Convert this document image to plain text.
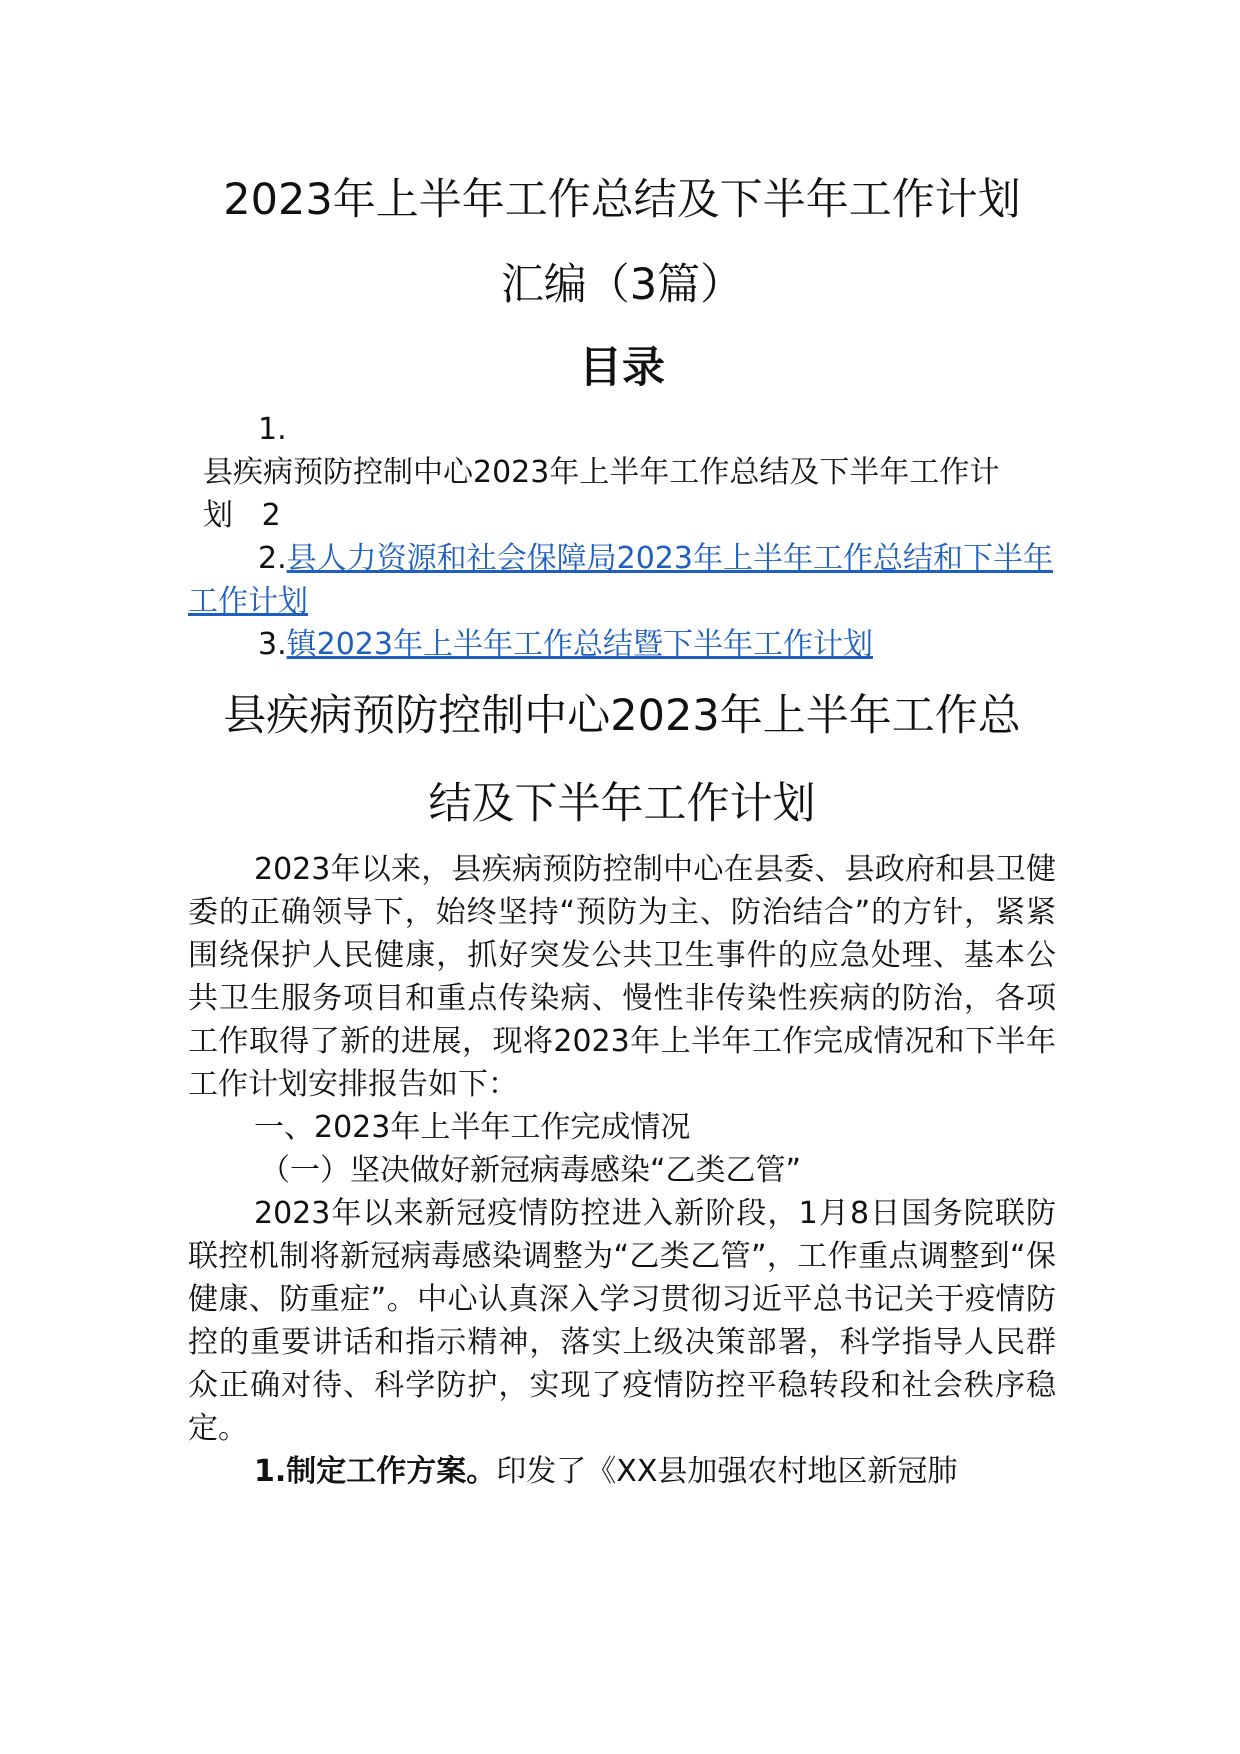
2023年上半年工作总结及下半年工作计划
汇编（3篇）
目录

1.
县疾病预防控制中心2023年上半年工作总结及下半年工作计划 2

2.县人力资源和社会保障局2023年上半年工作总结和下半年工作计划

3.镇2023年上半年工作总结暨下半年工作计划

县疾病预防控制中心2023年上半年工作总
结及下半年工作计划

2023年以来，县疾病预防控制中心在县委、县政府和县卫健委的正确领导下，始终坚持“预防为主、防治结合”的方针，紧紧围绕保护人民健康，抓好突发公共卫生事件的应急处理、基本公共卫生服务项目和重点传染病、慢性非传染性疾病的防治，各项工作取得了新的进展，现将2023年上半年工作完成情况和下半年工作计划安排报告如下：

一、2023年上半年工作完成情况

（一）坚决做好新冠病毒感染“乙类乙管”

2023年以来新冠疫情防控进入新阶段，1月8日国务院联防联控机制将新冠病毒感染调整为“乙类乙管”，工作重点调整到“保健康、防重症”。中心认真深入学习贯彻习近平总书记关于疫情防控的重要讲话和指示精神，落实上级决策部署，科学指导人民群众正确对待、科学防护，实现了疫情防控平稳转段和社会秩序稳定。

1.制定工作方案。印发了《XX县加强农村地区新冠肺
